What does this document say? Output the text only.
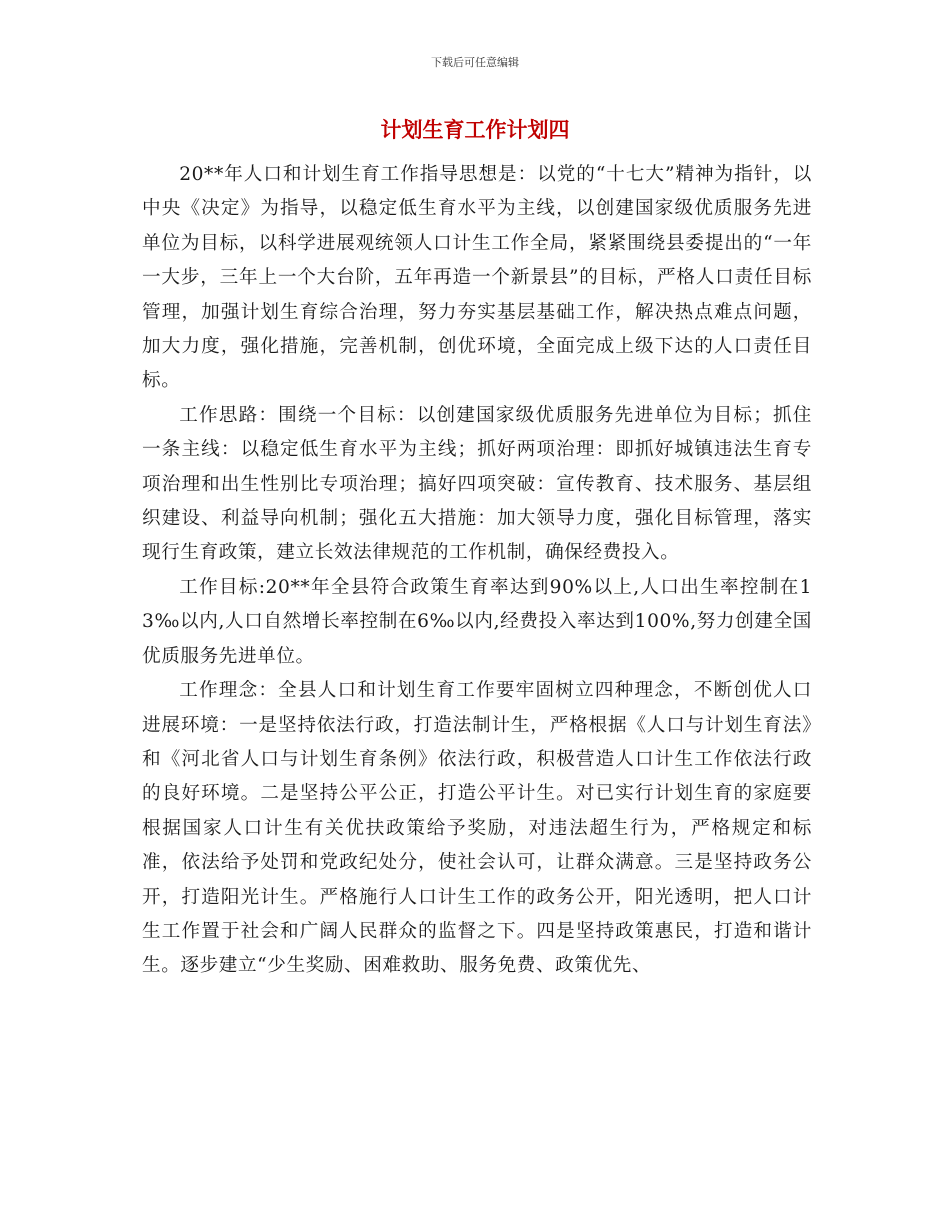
下载后可任意编辑
计划生育工作计划四

20**年人口和计划生育工作指导思想是：以党的“十七大”精神为指针，以中央《决定》为指导，以稳定低生育水平为主线，以创建国家级优质服务先进单位为目标，以科学进展观统领人口计生工作全局，紧紧围绕县委提出的“一年一大步，三年上一个大台阶，五年再造一个新景县”的目标，严格人口责任目标管理，加强计划生育综合治理，努力夯实基层基础工作，解决热点难点问题，加大力度，强化措施，完善机制，创优环境，全面完成上级下达的人口责任目标。

工作思路：围绕一个目标：以创建国家级优质服务先进单位为目标；抓住一条主线：以稳定低生育水平为主线；抓好两项治理：即抓好城镇违法生育专项治理和出生性别比专项治理；搞好四项突破：宣传教育、技术服务、基层组织建设、利益导向机制；强化五大措施：加大领导力度，强化目标管理，落实现行生育政策，建立长效法律规范的工作机制，确保经费投入。

工作目标:20**年全县符合政策生育率达到90%以上,人口出生率控制在13‰以内,人口自然增长率控制在6‰以内,经费投入率达到100%,努力创建全国优质服务先进单位。

工作理念：全县人口和计划生育工作要牢固树立四种理念，不断创优人口进展环境：一是坚持依法行政，打造法制计生，严格根据《人口与计划生育法》和《河北省人口与计划生育条例》依法行政，积极营造人口计生工作依法行政的良好环境。二是坚持公平公正，打造公平计生。对已实行计划生育的家庭要根据国家人口计生有关优扶政策给予奖励，对违法超生行为，严格规定和标准，依法给予处罚和党政纪处分，使社会认可，让群众满意。三是坚持政务公开，打造阳光计生。严格施行人口计生工作的政务公开，阳光透明，把人口计生工作置于社会和广阔人民群众的监督之下。四是坚持政策惠民，打造和谐计生。逐步建立“少生奖励、困难救助、服务免费、政策优先、
